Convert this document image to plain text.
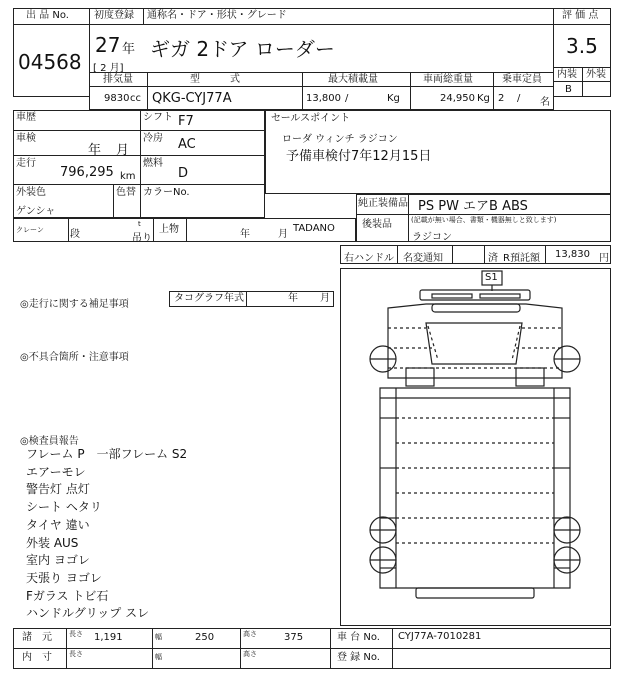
出 品 No.
04568
初度登録 通称名・ドア・形状・グレード
27 年
[ 2 月]
ギガ 2ドア ローダー
評 価 点
3.5
内装 外装
B
排気量	型　　　式	最大積載量	車両総重量	乗車定員
9830 cc QKG-CYJ77A	13,800 /	Kg	24,950 Kg 2 / 名
車歴	シフト F7
車検
年 月
冷房 AC
走行
796,295 km
燃料
D
外装色
ゲンシャ
色替 カラーNo.
クレーン	段
t
吊り
上物	年	月
TADANO
セールスポイント
ローダ ウィンチ ラジコン
予備車検付7年12月15日
純正装備品 PS PW エアB ABS
後装品	(記載が無い場合、書類・機器無しと致します)
ラジコン
右ハンドル 名変通知	済 R預託額 13,830 円
◎走行に関する補足事項
タコグラフ年式	年 月
◎不具合箇所・注意事項
◎検査員報告
フレーム P　一部フレーム S2
エアーモレ
警告灯 点灯
シート ヘタリ
タイヤ 違い
外装 AUS
室内 ヨゴレ
天張り ヨゴレ
Fガラス トビ石
ハンドルグリップ スレ
S1
諸　元 長さ 1,191	幅	250	高さ	375	車 台 No. CYJ77A-7010281
内　寸 長さ	幅	高さ	登 録 No.
